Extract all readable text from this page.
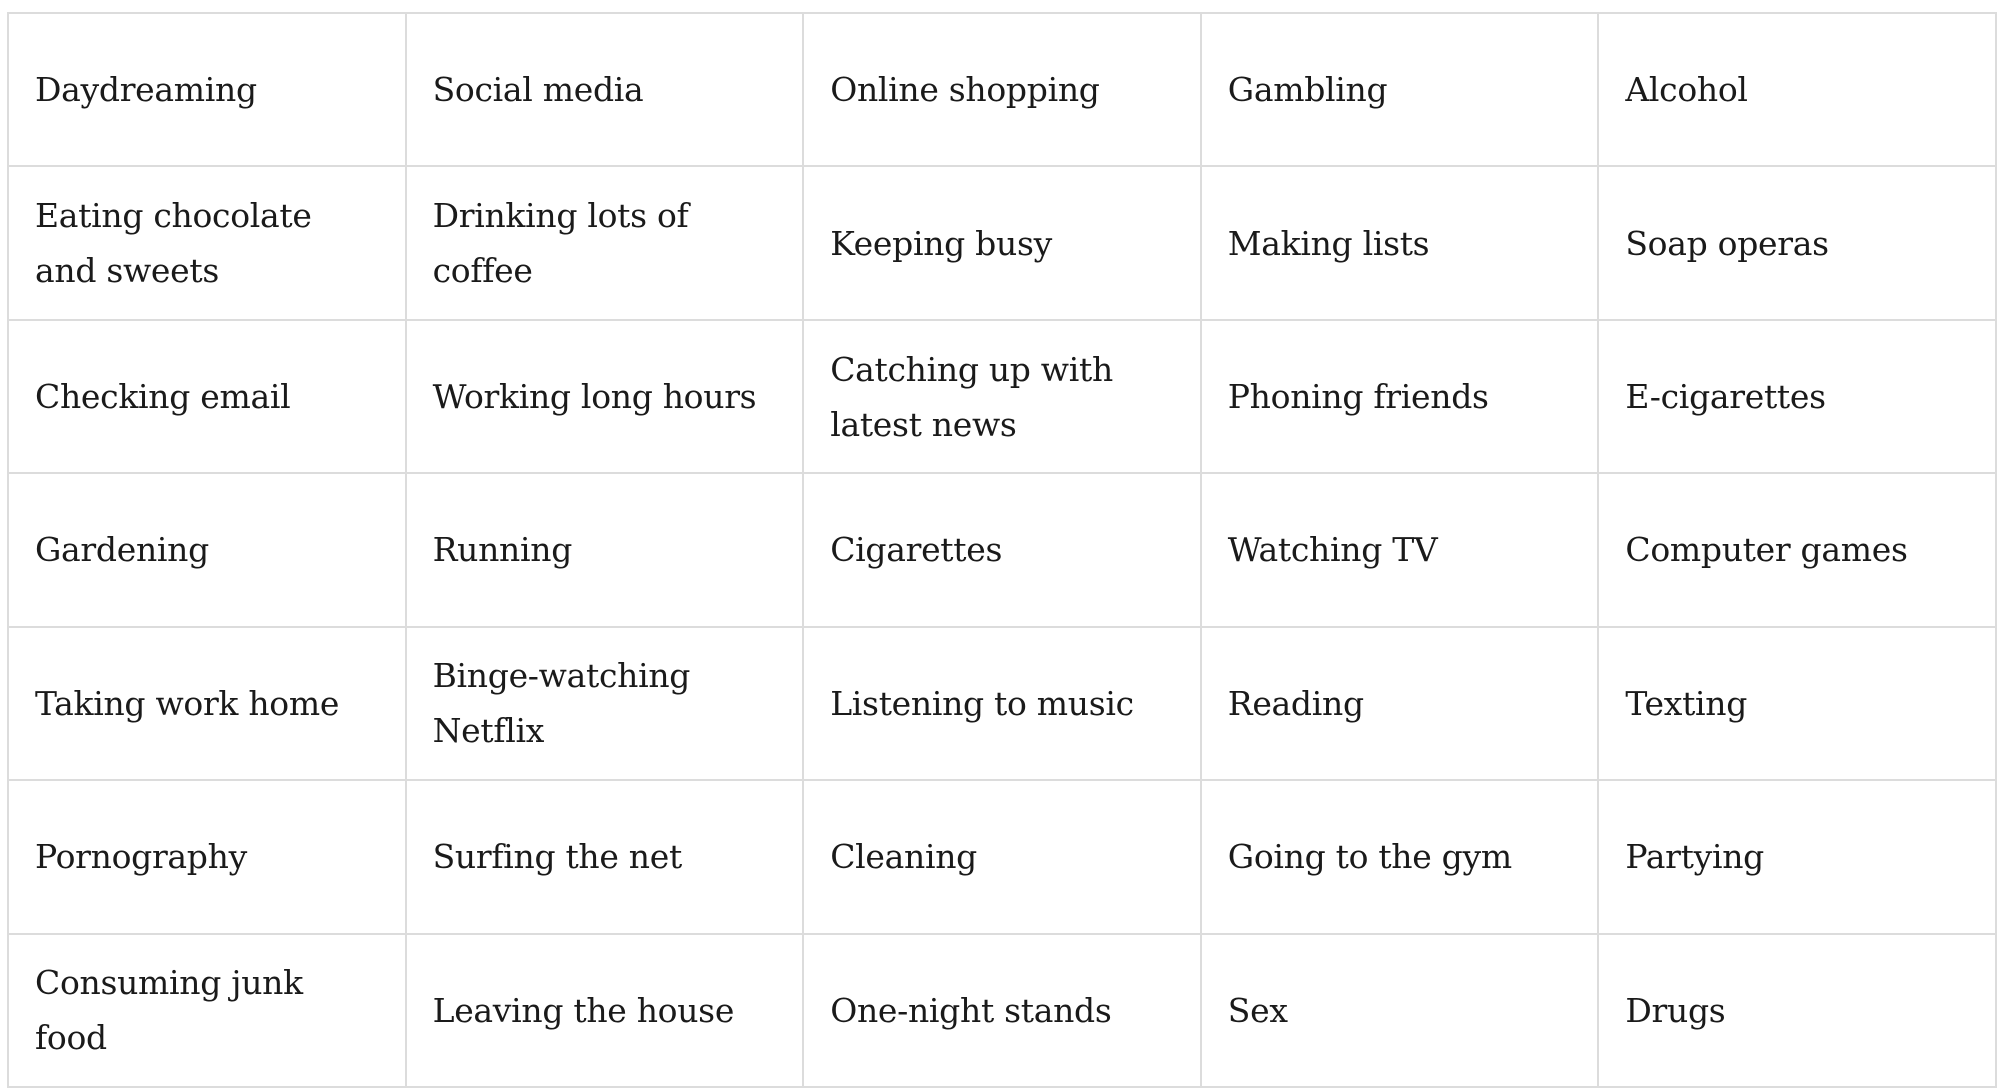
Daydreaming	Social media	Online shopping	Gambling	Alcohol
Eating chocolate and sweets	Drinking lots of coffee	Keeping busy	Making lists	Soap operas
Checking email	Working long hours	Catching up with latest news	Phoning friends	E-cigarettes
Gardening	Running	Cigarettes	Watching TV	Computer games
Taking work home	Binge-watching Netflix	Listening to music	Reading	Texting
Pornography	Surfing the net	Cleaning	Going to the gym	Partying
Consuming junk food	Leaving the house	One-night stands	Sex	Drugs
